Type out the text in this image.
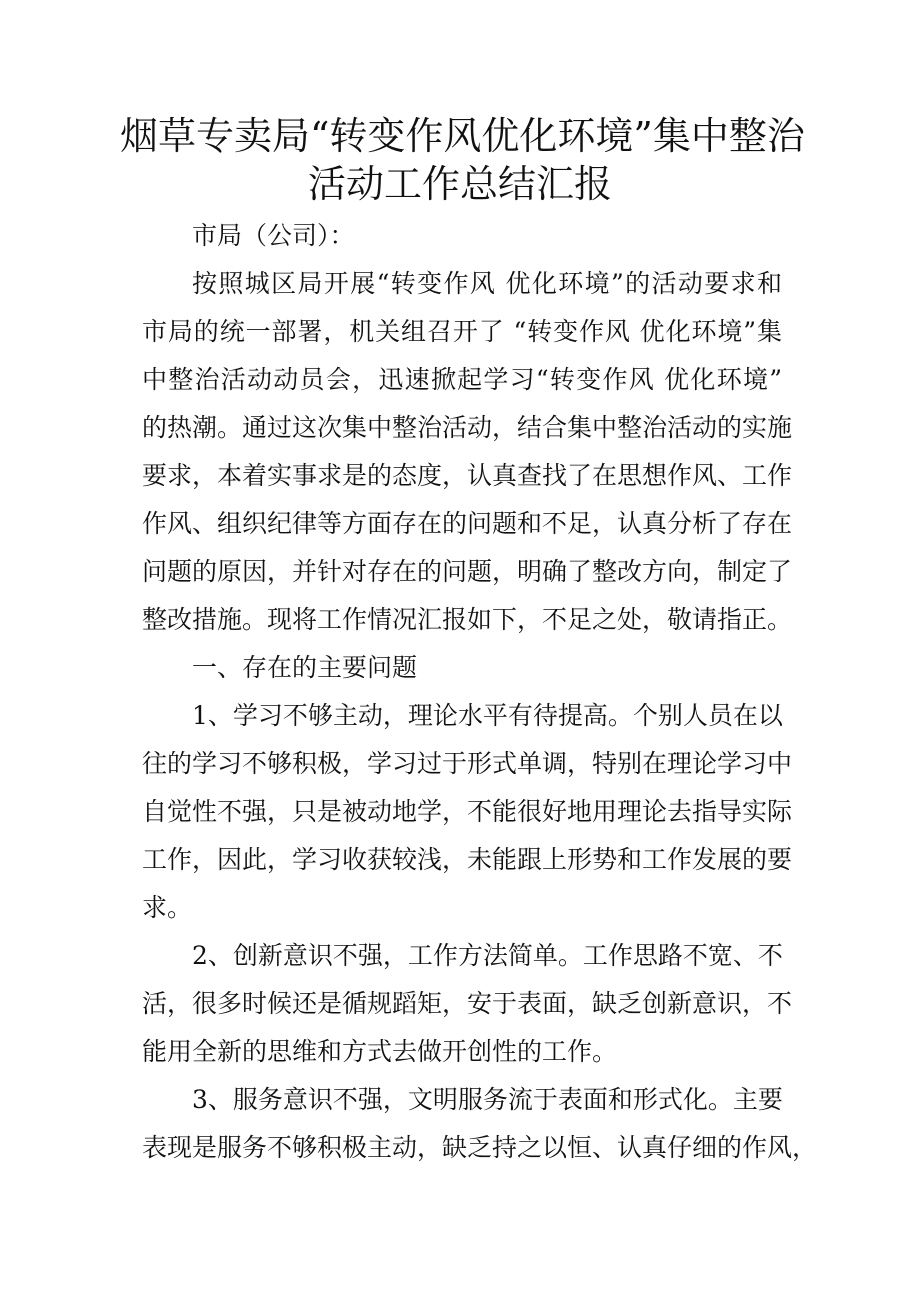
烟草专卖局“转变作风优化环境”集中整治
活动工作总结汇报
市局（公司）：
按照城区局开展“转变作风 优化环境”的活动要求和
市局的统一部署，机关组召开了 “转变作风 优化环境”集
中整治活动动员会，迅速掀起学习“转变作风 优化环境”
的热潮。通过这次集中整治活动，结合集中整治活动的实施
要求，本着实事求是的态度，认真查找了在思想作风、工作
作风、组织纪律等方面存在的问题和不足，认真分析了存在
问题的原因，并针对存在的问题，明确了整改方向，制定了
整改措施。现将工作情况汇报如下，不足之处，敬请指正。
一、存在的主要问题
1、学习不够主动，理论水平有待提高。个别人员在以
往的学习不够积极，学习过于形式单调，特别在理论学习中
自觉性不强，只是被动地学，不能很好地用理论去指导实际
工作，因此，学习收获较浅，未能跟上形势和工作发展的要
求。
2、创新意识不强，工作方法简单。工作思路不宽、不
活，很多时候还是循规蹈矩，安于表面，缺乏创新意识，不
能用全新的思维和方式去做开创性的工作。
3、服务意识不强，文明服务流于表面和形式化。主要
表现是服务不够积极主动，缺乏持之以恒、认真仔细的作风，
